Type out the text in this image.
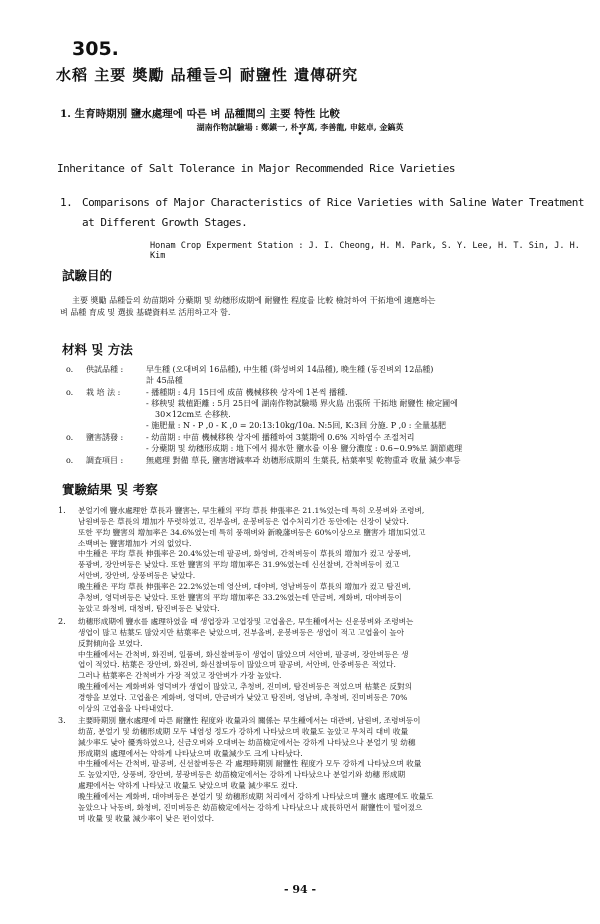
305.
水稻 主要 奬勵 品種들의 耐鹽性 遺傳硏究
1. 生育時期別 鹽水處理에 따른 벼 品種間의 主要 特性 比較
湖南作物試驗場 : 鄭鎭一, 朴亨萬, 李善龍, 申鉉卓, 金鎬英
•
Inheritance of Salt Tolerance in Major Recommended Rice Varieties
1. Comparisons of Major Characteristics of Rice Varieties with Saline Water Treatment at Different Growth Stages.
Honam Crop Experment Station : J. I. Cheong, H. M. Park, S. Y. Lee, H. T. Sin, J. H. Kim
試驗目的
主要 奬勵 品種들의 幼苗期와 分蘗期 및 幼穗形成期에 耐鹽性 程度를 比較 檢討하여 干拓地에 適應하는
벼 品種 育成 및 選拔 基礎資料로 活用하고자 함.
材料 및 方法
o. 供試品種 :	早生種 (오대벼외 16品種), 中生種 (화성벼외 14品種), 晩生種 (동진벼외 12品種)
計 45品種
o. 栽 培 法 :	- 播種期 : 4月 15日에 成苗 機械移秧 상자에 1본씩 播種.
- 移秧및 栽植距離 : 5月 25日에 湖南作物試驗場 界火島 出張所 干拓地 耐鹽性 檢定圃에
30×12cm로 손移秧.
- 施肥量 : N - P ,0 - K ,0 = 20:13:10kg/10a. N:5回, K:3回 分施. P ,0 : 全量基肥
o. 鹽害誘發 :	- 幼苗期 : 中苗 機械移秧 상자에 播種하여 3葉期에 0.6% 지하염수 조절처리
- 分蘗期 및 幼穗形成期 : 地下에서 揚水한 鹽水를 이용 鹽分濃度 : 0.6~0.9%로 調節處理
o. 調査項目 :	無處理 對備 草長, 鹽害增減率과 幼穗形成期의 生葉長, 枯葉率및 乾物重과 收量 減少率등
實驗結果 및 考察
1. 분얼기에 鹽水處理한 草長과 鹽害는, 早生種의 平均 草長 伸張率은 21.1%었는데 특히 오봉벼와 조령벼,
남원벼등은 草長의 增加가 뚜렷하였고, 진부올벼, 운봉벼등은 엽수처리기간 동안에는 신장이 낮았다.
또한 平均 鹽害의 增加率은 34.6%였는데 특히 풍해벼와 新晩藩벼등은 60%이상으로 鹽害가 增加되었고
소백벼는 鹽害增加가 거의 없었다.
中生種은 平均 草長 伸張率은 20.4%었는데 팔공벼, 화영벼, 간척벼등이 草長의 增加가 컸고 상풍벼,
풍광벼, 장안벼등은 낮았다. 또한 鹽害의 平均 增加率은 31.9%였는데 신선찰벼, 간척벼등이 컸고
서안벼, 장안벼, 상풍벼등은 낮았다.
晩生種은 平均 草長 伸張率은 22.2%었는데 영산벼, 대야벼, 영남벼등이 草長의 增加가 컸고 탐진벼,
추청벼, 영덕벼등은 낮았다. 또한 鹽害의 平均 增加率은 33.2%였는데 만금벼, 계화벼, 대야벼등이
높았고 화청벼, 대청벼, 탐진벼등은 낮았다.
2. 幼穗形成期에 鹽水를 處理하였을 때 생엽장과 고엽장및 고엽율은, 早生種에서는 신운봉벼와 조령벼는
생엽이 많고 枯葉도 많았지만 枯葉率은 낮았으며, 진부올벼, 운봉벼등은 생엽이 적고 고엽율이 높아
反對傾向을 보였다.
中生種에서는 간척벼, 화진벼, 일품벼, 화신찰벼등이 생엽이 많았으며 서안벼, 팔공벼, 장안벼등은 생
엽이 적었다. 枯葉은 장안벼, 화진벼, 화신찰벼등이 많았으며 팔공벼, 서안벼, 안중벼등은 적었다.
그러나 枯葉率은 간척벼가 가장 적었고 장안벼가 가장 높았다.
晩生種에서는 계화벼와 영덕벼가 생엽이 많았고, 추청벼, 진미벼, 탐진벼등은 적었으며 枯葉은 反對의
경향을 보였다. 고엽율은 계화벼, 영덕벼, 만금벼가 낮았고 탐진벼, 영남벼, 추청벼, 진미벼등은 70%
이상의 고엽율을 나타내었다.
3. 主要時期別 鹽水處理에 따른 耐鹽性 程度와 收量과의 關係는 早生種에서는 대관벼, 남원벼, 조령벼등이
幼苗, 분얼기 및 幼穗形成期 모두 내염성 정도가 강하게 나타났으며 收量도 높았고 무처리 대비 收量
減少率도 낮아 優秀하였으나, 신금오벼와 오대벼는 幼苗檢定에서는 강하게 나타났으나 분얼기 및 幼穗
形成期의 處理에서는 약하게 나타났으며 收量減少도 크게 나타났다.
中生種에서는 간척벼, 팔공벼, 신선찰벼등은 각 處理時期別 耐鹽性 程度가 모두 강하게 나타났으며 收量
도 높았지만, 상풍벼, 장안벼, 봉광벼등은 幼苗檢定에서는 강하게 나타났으나 분얼기와 幼穗 形成期
處理에서는 약하게 나타났고 收量도 낮았으며 收量 減少率도 컸다.
晩生種에서는 계화벼, 대야벼등은 분얼기 및 幼穗形成期 처리에서 강하게 나타났으며 鹽水 處理에도 收量도
높았으나 낙동벼, 화청벼, 진미벼등은 幼苗檢定에서는 강하게 나타났으나 成長하면서 耐鹽性이 떨어졌으
며 收量 및 收量 減少率이 낮은 편이었다.
- 94 -
